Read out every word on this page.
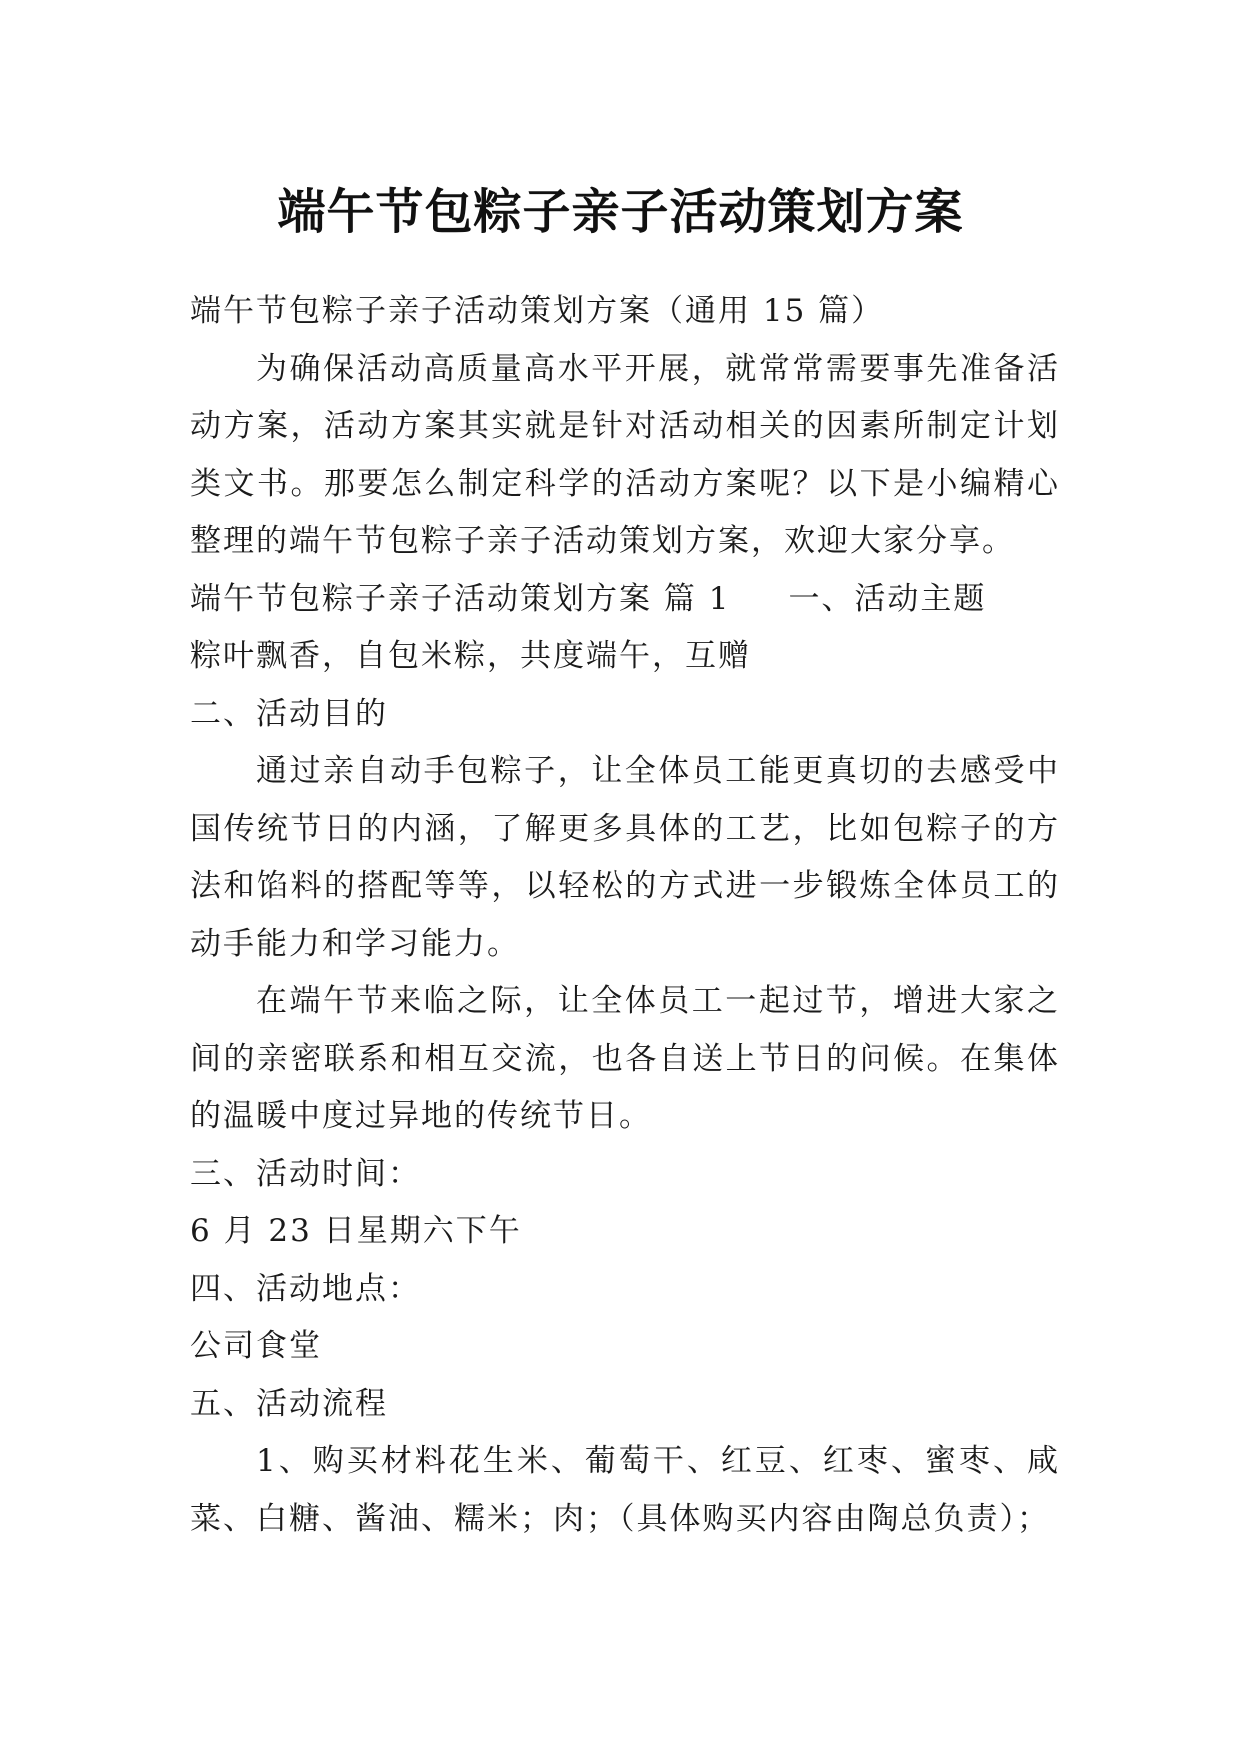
端午节包粽子亲子活动策划方案

端午节包粽子亲子活动策划方案（通用 15 篇）

为确保活动高质量高水平开展，就常常需要事先准备活动方案，活动方案其实就是针对活动相关的因素所制定计划类文书。那要怎么制定科学的活动方案呢？以下是小编精心整理的端午节包粽子亲子活动策划方案，欢迎大家分享。

端午节包粽子亲子活动策划方案 篇 1 一、活动主题

粽叶飘香，自包米粽，共度端午，互赠

二、活动目的

通过亲自动手包粽子，让全体员工能更真切的去感受中国传统节日的内涵，了解更多具体的工艺，比如包粽子的方法和馅料的搭配等等，以轻松的方式进一步锻炼全体员工的动手能力和学习能力。

在端午节来临之际，让全体员工一起过节，增进大家之间的亲密联系和相互交流，也各自送上节日的问候。在集体的温暖中度过异地的传统节日。

三、活动时间：

6 月 23 日星期六下午

四、活动地点：

公司食堂

五、活动流程

1、购买材料花生米、葡萄干、红豆、红枣、蜜枣、咸菜、白糖、酱油、糯米；肉；（具体购买内容由陶总负责）；
